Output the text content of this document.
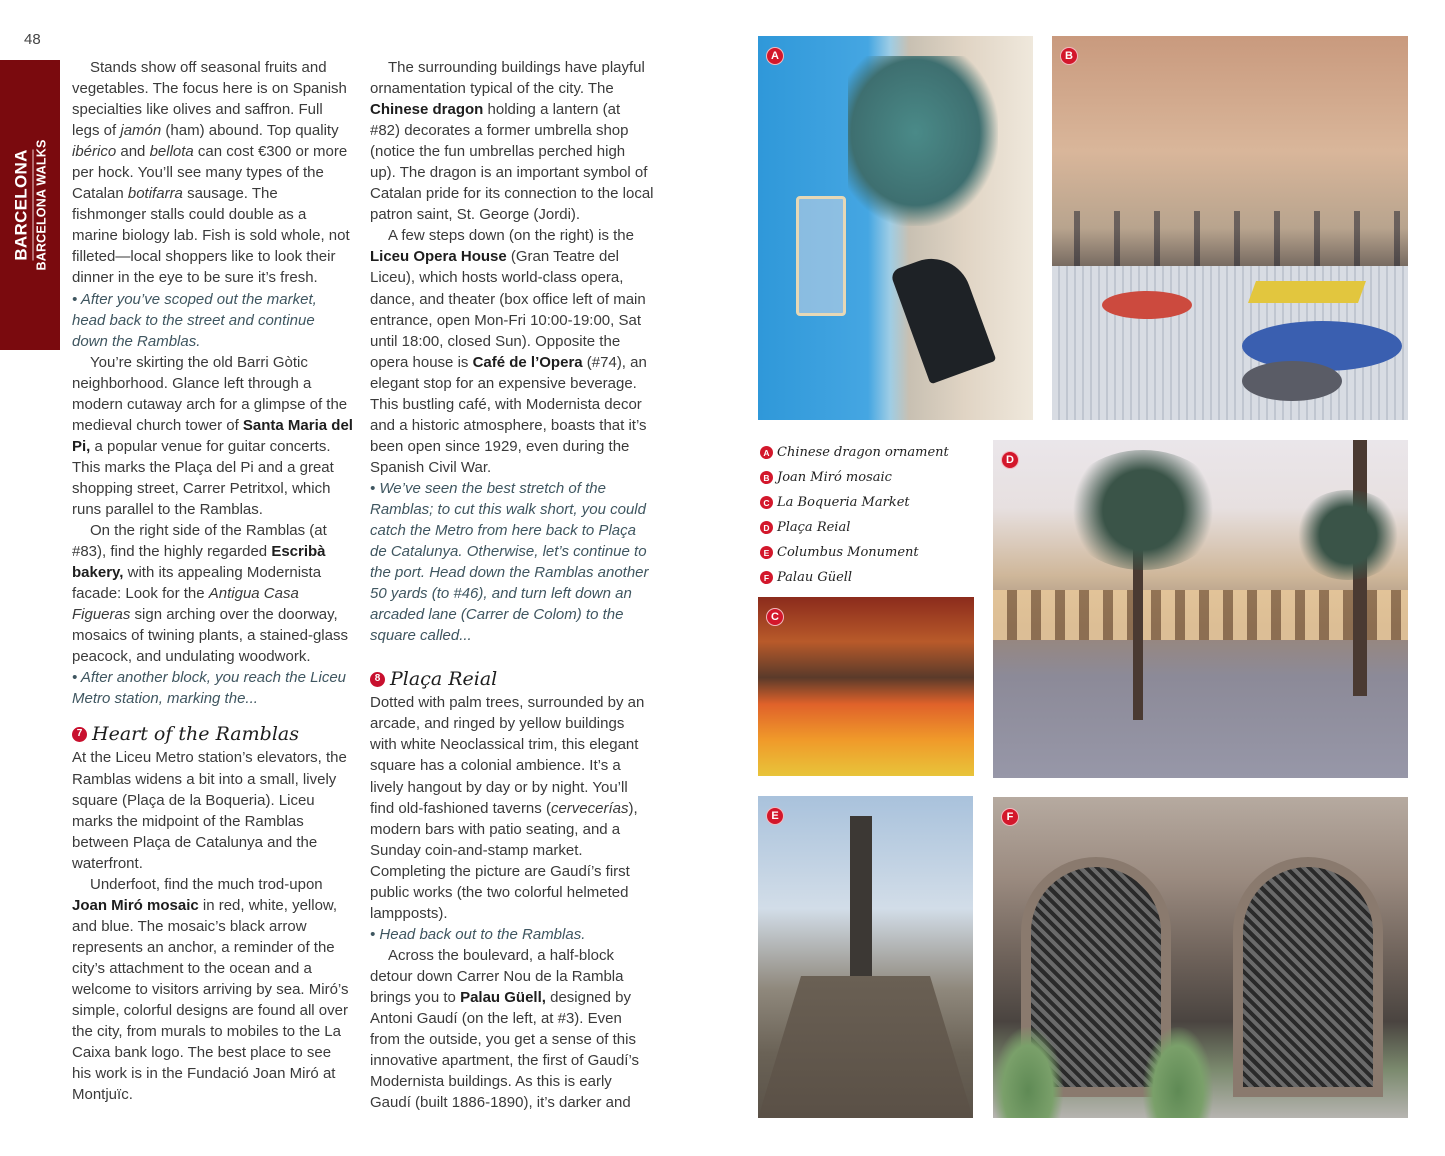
48
BARCELONA BARCELONA WALKS

Stands show off seasonal fruits and vegetables. The focus here is on Spanish specialties like olives and saffron. Full legs of jamón (ham) abound. Top quality ibérico and bellota can cost €300 or more per hock. You’ll see many types of the Catalan botifarra sausage. The fishmonger stalls could double as a marine biology lab. Fish is sold whole, not filleted—local shoppers like to look their dinner in the eye to be sure it’s fresh.

• After you’ve scoped out the market, head back to the street and continue down the Ramblas.

You’re skirting the old Barri Gòtic neighborhood. Glance left through a modern cutaway arch for a glimpse of the medieval church tower of Santa Maria del Pi, a popular venue for guitar concerts. This marks the Plaça del Pi and a great shopping street, Carrer Petritxol, which runs parallel to the Ramblas.

On the right side of the Ramblas (at #83), find the highly regarded Escribà bakery, with its appealing Modernista facade: Look for the Antigua Casa Figueras sign arching over the doorway, mosaics of twining plants, a stained-glass peacock, and undulating woodwork.

• After another block, you reach the Liceu Metro station, marking the...

7 Heart of the Ramblas

At the Liceu Metro station’s elevators, the Ramblas widens a bit into a small, lively square (Plaça de la Boqueria). Liceu marks the midpoint of the Ramblas between Plaça de Catalunya and the waterfront.

Underfoot, find the much trod-upon Joan Miró mosaic in red, white, yellow, and blue. The mosaic’s black arrow represents an anchor, a reminder of the city’s attachment to the ocean and a welcome to visitors arriving by sea. Miró’s simple, colorful designs are found all over the city, from murals to mobiles to the La Caixa bank logo. The best place to see his work is in the Fundació Joan Miró at Montjuïc.

The surrounding buildings have playful ornamentation typical of the city. The Chinese dragon holding a lantern (at #82) decorates a former umbrella shop (notice the fun umbrellas perched high up). The dragon is an important symbol of Catalan pride for its connection to the local patron saint, St. George (Jordi).

A few steps down (on the right) is the Liceu Opera House (Gran Teatre del Liceu), which hosts world-class opera, dance, and theater (box office left of main entrance, open Mon-Fri 10:00-19:00, Sat until 18:00, closed Sun). Opposite the opera house is Café de l’Opera (#74), an elegant stop for an expensive beverage. This bustling café, with Modernista decor and a historic atmosphere, boasts that it’s been open since 1929, even during the Spanish Civil War.

• We’ve seen the best stretch of the Ramblas; to cut this walk short, you could catch the Metro from here back to Plaça de Catalunya. Otherwise, let’s continue to the port. Head down the Ramblas another 50 yards (to #46), and turn left down an arcaded lane (Carrer de Colom) to the square called...

8 Plaça Reial

Dotted with palm trees, surrounded by an arcade, and ringed by yellow buildings with white Neoclassical trim, this elegant square has a colonial ambience. It’s a lively hangout by day or by night. You’ll find old-fashioned taverns (cervecerías), modern bars with patio seating, and a Sunday coin-and-stamp market. Completing the picture are Gaudí’s first public works (the two colorful helmeted lampposts).

• Head back out to the Ramblas.

Across the boulevard, a half-block detour down Carrer Nou de la Rambla brings you to Palau Güell, designed by Antoni Gaudí (on the left, at #3). Even from the outside, you get a sense of this innovative apartment, the first of Gaudí’s Modernista buildings. As this is early Gaudí (built 1886-1890), it’s darker and

A	B
A Chinese dragon ornament
B Joan Miró mosaic
C La Boqueria Market
D Plaça Reial
E Columbus Monument
F Palau Güell
C
D
E	F
